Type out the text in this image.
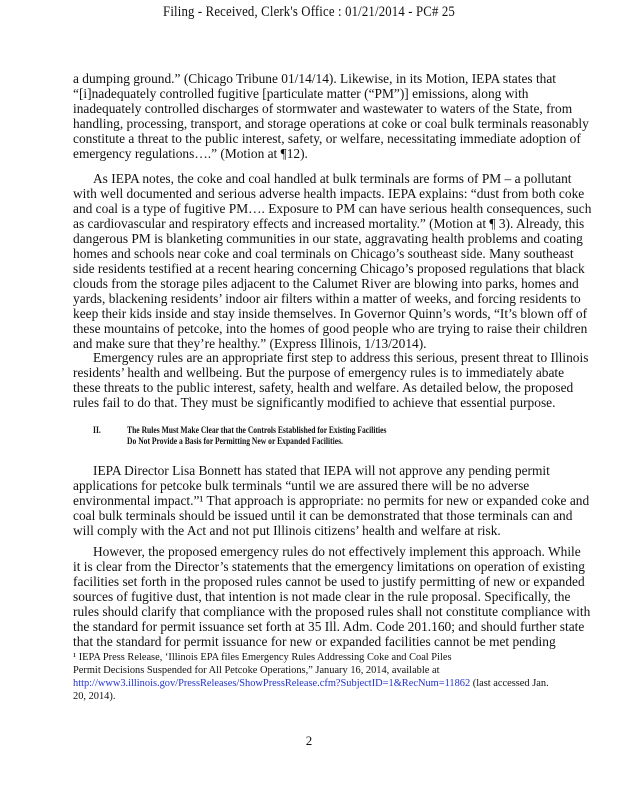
Filing - Received, Clerk's Office : 01/21/2014 - PC# 25
a dumping ground.” (Chicago Tribune 01/14/14). Likewise, in its Motion, IEPA states that
“[i]nadequately controlled fugitive [particulate matter (“PM”)] emissions, along with
inadequately controlled discharges of stormwater and wastewater to waters of the State, from
handling, processing, transport, and storage operations at coke or coal bulk terminals reasonably
constitute a threat to the public interest, safety, or welfare, necessitating immediate adoption of
emergency regulations….” (Motion at ¶12).
As IEPA notes, the coke and coal handled at bulk terminals are forms of PM – a pollutant
with well documented and serious adverse health impacts. IEPA explains: “dust from both coke
and coal is a type of fugitive PM…. Exposure to PM can have serious health consequences, such
as cardiovascular and respiratory effects and increased mortality.” (Motion at ¶ 3). Already, this
dangerous PM is blanketing communities in our state, aggravating health problems and coating
homes and schools near coke and coal terminals on Chicago’s southeast side. Many southeast
side residents testified at a recent hearing concerning Chicago’s proposed regulations that black
clouds from the storage piles adjacent to the Calumet River are blowing into parks, homes and
yards, blackening residents’ indoor air filters within a matter of weeks, and forcing residents to
keep their kids inside and stay inside themselves. In Governor Quinn’s words, “It’s blown off of
these mountains of petcoke, into the homes of good people who are trying to raise their children
and make sure that they’re healthy.” (Express Illinois, 1/13/2014).
Emergency rules are an appropriate first step to address this serious, present threat to Illinois
residents’ health and wellbeing. But the purpose of emergency rules is to immediately abate
these threats to the public interest, safety, health and welfare. As detailed below, the proposed
rules fail to do that. They must be significantly modified to achieve that essential purpose.
IEPA Director Lisa Bonnett has stated that IEPA will not approve any pending permit
applications for petcoke bulk terminals “until we are assured there will be no adverse
environmental impact.”¹ That approach is appropriate: no permits for new or expanded coke and
coal bulk terminals should be issued until it can be demonstrated that those terminals can and
will comply with the Act and not put Illinois citizens’ health and welfare at risk.
However, the proposed emergency rules do not effectively implement this approach. While
it is clear from the Director’s statements that the emergency limitations on operation of existing
facilities set forth in the proposed rules cannot be used to justify permitting of new or expanded
sources of fugitive dust, that intention is not made clear in the rule proposal. Specifically, the
rules should clarify that compliance with the proposed rules shall not constitute compliance with
the standard for permit issuance set forth at 35 Ill. Adm. Code 201.160; and should further state
that the standard for permit issuance for new or expanded facilities cannot be met pending
II.	The Rules Must Make Clear that the Controls Established for Existing Facilities
Do Not Provide a Basis for Permitting New or Expanded Facilities.
¹ IEPA Press Release, ‘Illinois EPA files Emergency Rules Addressing Coke and Coal Piles
Permit Decisions Suspended for All Petcoke Operations,” January 16, 2014, available at
http://www3.illinois.gov/PressReleases/ShowPressRelease.cfm?SubjectID=1&RecNum=11862 (last accessed Jan.
20, 2014).
2
